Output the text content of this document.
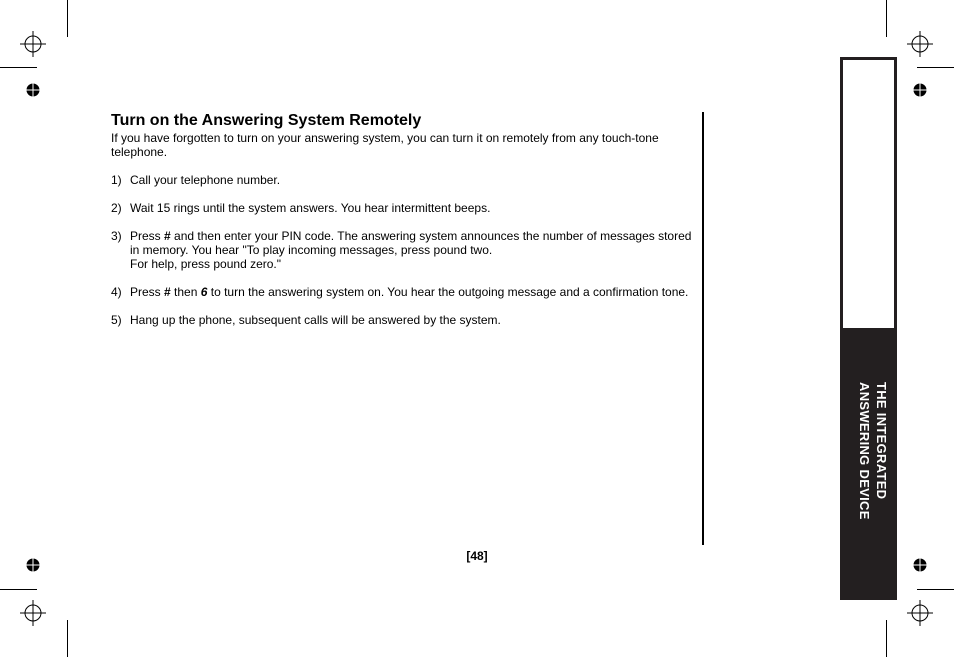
Turn on the Answering System Remotely

If you have forgotten to turn on your answering system, you can turn it on remotely from any touch-tone telephone.

1) Call your telephone number.
2) Wait 15 rings until the system answers. You hear intermittent beeps.
3) Press # and then enter your PIN code. The answering system announces the number of messages stored in memory. You hear "To play incoming messages, press pound two.
For help, press pound zero."
4) Press # then 6 to turn the answering system on. You hear the outgoing message and a confirmation tone.
5) Hang up the phone, subsequent calls will be answered by the system.
[48]
THE INTEGRATED
ANSWERING DEVICE
